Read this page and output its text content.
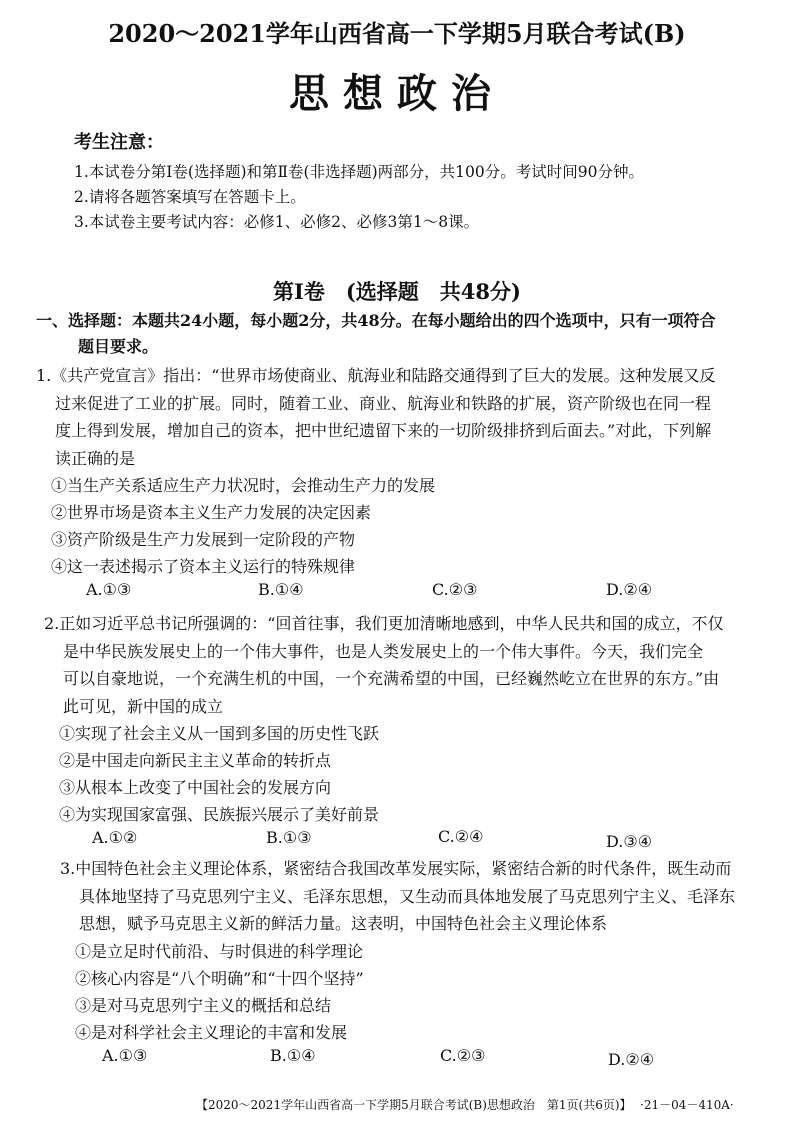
2020～2021学年山西省高一下学期5月联合考试(B)
思想政治
考生注意：
1.本试卷分第Ⅰ卷(选择题)和第Ⅱ卷(非选择题)两部分，共100分。考试时间90分钟。
2.请将各题答案填写在答题卡上。
3.本试卷主要考试内容：必修1、必修2、必修3第1～8课。
第Ⅰ卷　(选择题　共48分)
一、选择题：本题共24小题，每小题2分，共48分。在每小题给出的四个选项中，只有一项符合
题目要求。
1.《共产党宣言》指出：“世界市场使商业、航海业和陆路交通得到了巨大的发展。这种发展又反
过来促进了工业的扩展。同时，随着工业、商业、航海业和铁路的扩展，资产阶级也在同一程
度上得到发展，增加自己的资本，把中世纪遗留下来的一切阶级排挤到后面去。”对此，下列解
读正确的是
①当生产关系适应生产力状况时，会推动生产力的发展
②世界市场是资本主义生产力发展的决定因素
③资产阶级是生产力发展到一定阶段的产物
④这一表述揭示了资本主义运行的特殊规律
A.①③	B.①④	C.②③	D.②④
2.正如习近平总书记所强调的：“回首往事，我们更加清晰地感到，中华人民共和国的成立，不仅
是中华民族发展史上的一个伟大事件，也是人类发展史上的一个伟大事件。今天，我们完全
可以自豪地说，一个充满生机的中国，一个充满希望的中国，已经巍然屹立在世界的东方。”由
此可见，新中国的成立
①实现了社会主义从一国到多国的历史性飞跃
②是中国走向新民主主义革命的转折点
③从根本上改变了中国社会的发展方向
④为实现国家富强、民族振兴展示了美好前景
A.①②	B.①③	C.②④	D.③④
3.中国特色社会主义理论体系，紧密结合我国改革发展实际，紧密结合新的时代条件，既生动而
具体地坚持了马克思列宁主义、毛泽东思想，又生动而具体地发展了马克思列宁主义、毛泽东
思想，赋予马克思主义新的鲜活力量。这表明，中国特色社会主义理论体系
①是立足时代前沿、与时俱进的科学理论
②核心内容是“八个明确”和“十四个坚持”
③是对马克思列宁主义的概括和总结
④是对科学社会主义理论的丰富和发展
A.①③	B.①④	C.②③	D.②④
【2020～2021学年山西省高一下学期5月联合考试(B)思想政治　第1页(共6页)】 ·21－04－410A·
